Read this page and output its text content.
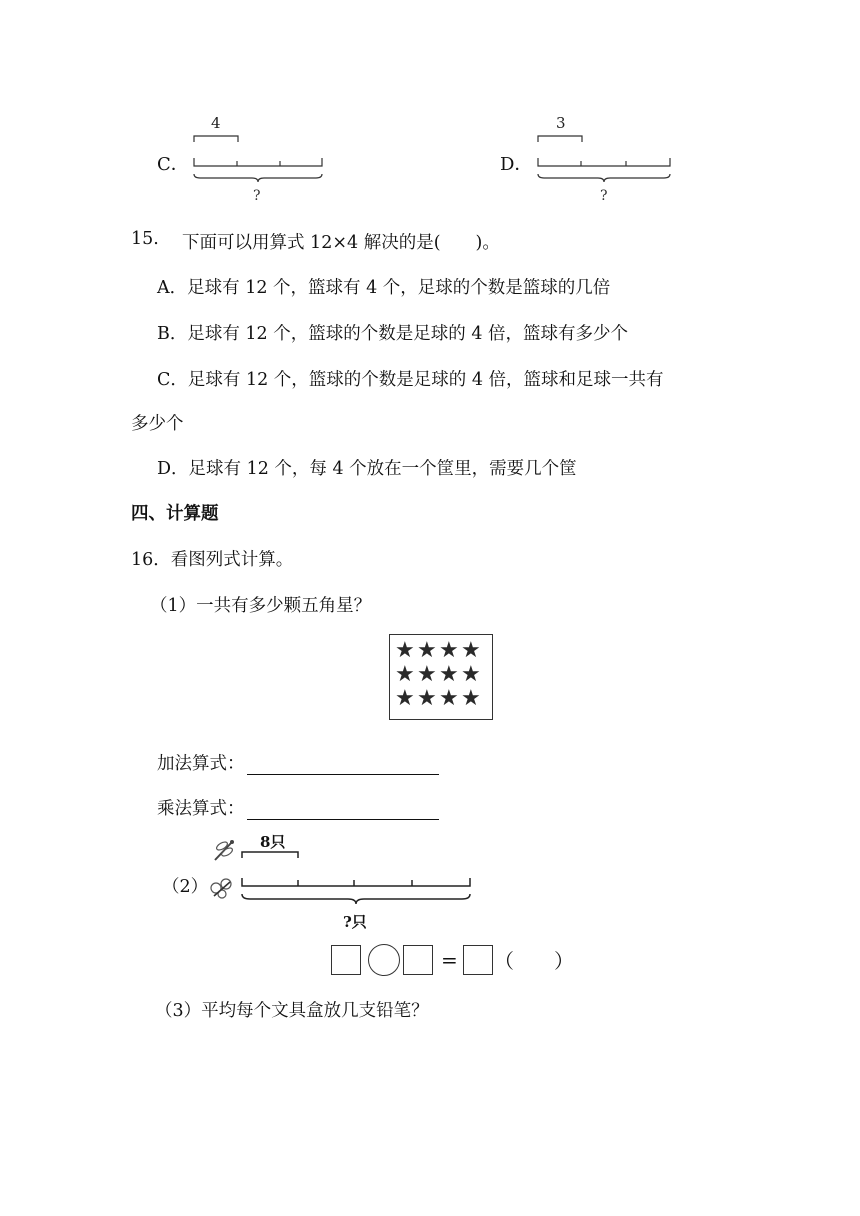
C．
4
?
D．
3
?
15. 下面可以用算式 12×4 解决的是(　　)。
A．足球有 12 个，篮球有 4 个，足球的个数是篮球的几倍
B．足球有 12 个，篮球的个数是足球的 4 倍，篮球有多少个
C．足球有 12 个，篮球的个数是足球的 4 倍，篮球和足球一共有
多少个
D．足球有 12 个，每 4 个放在一个筐里，需要几个筐
四、计算题
16．看图列式计算。
（1）一共有多少颗五角星？
★ ★ ★ ★
★ ★ ★ ★
★ ★ ★ ★
加法算式：
乘法算式：
（2）
8只
?只
= （　　）
（3）平均每个文具盒放几支铅笔？
